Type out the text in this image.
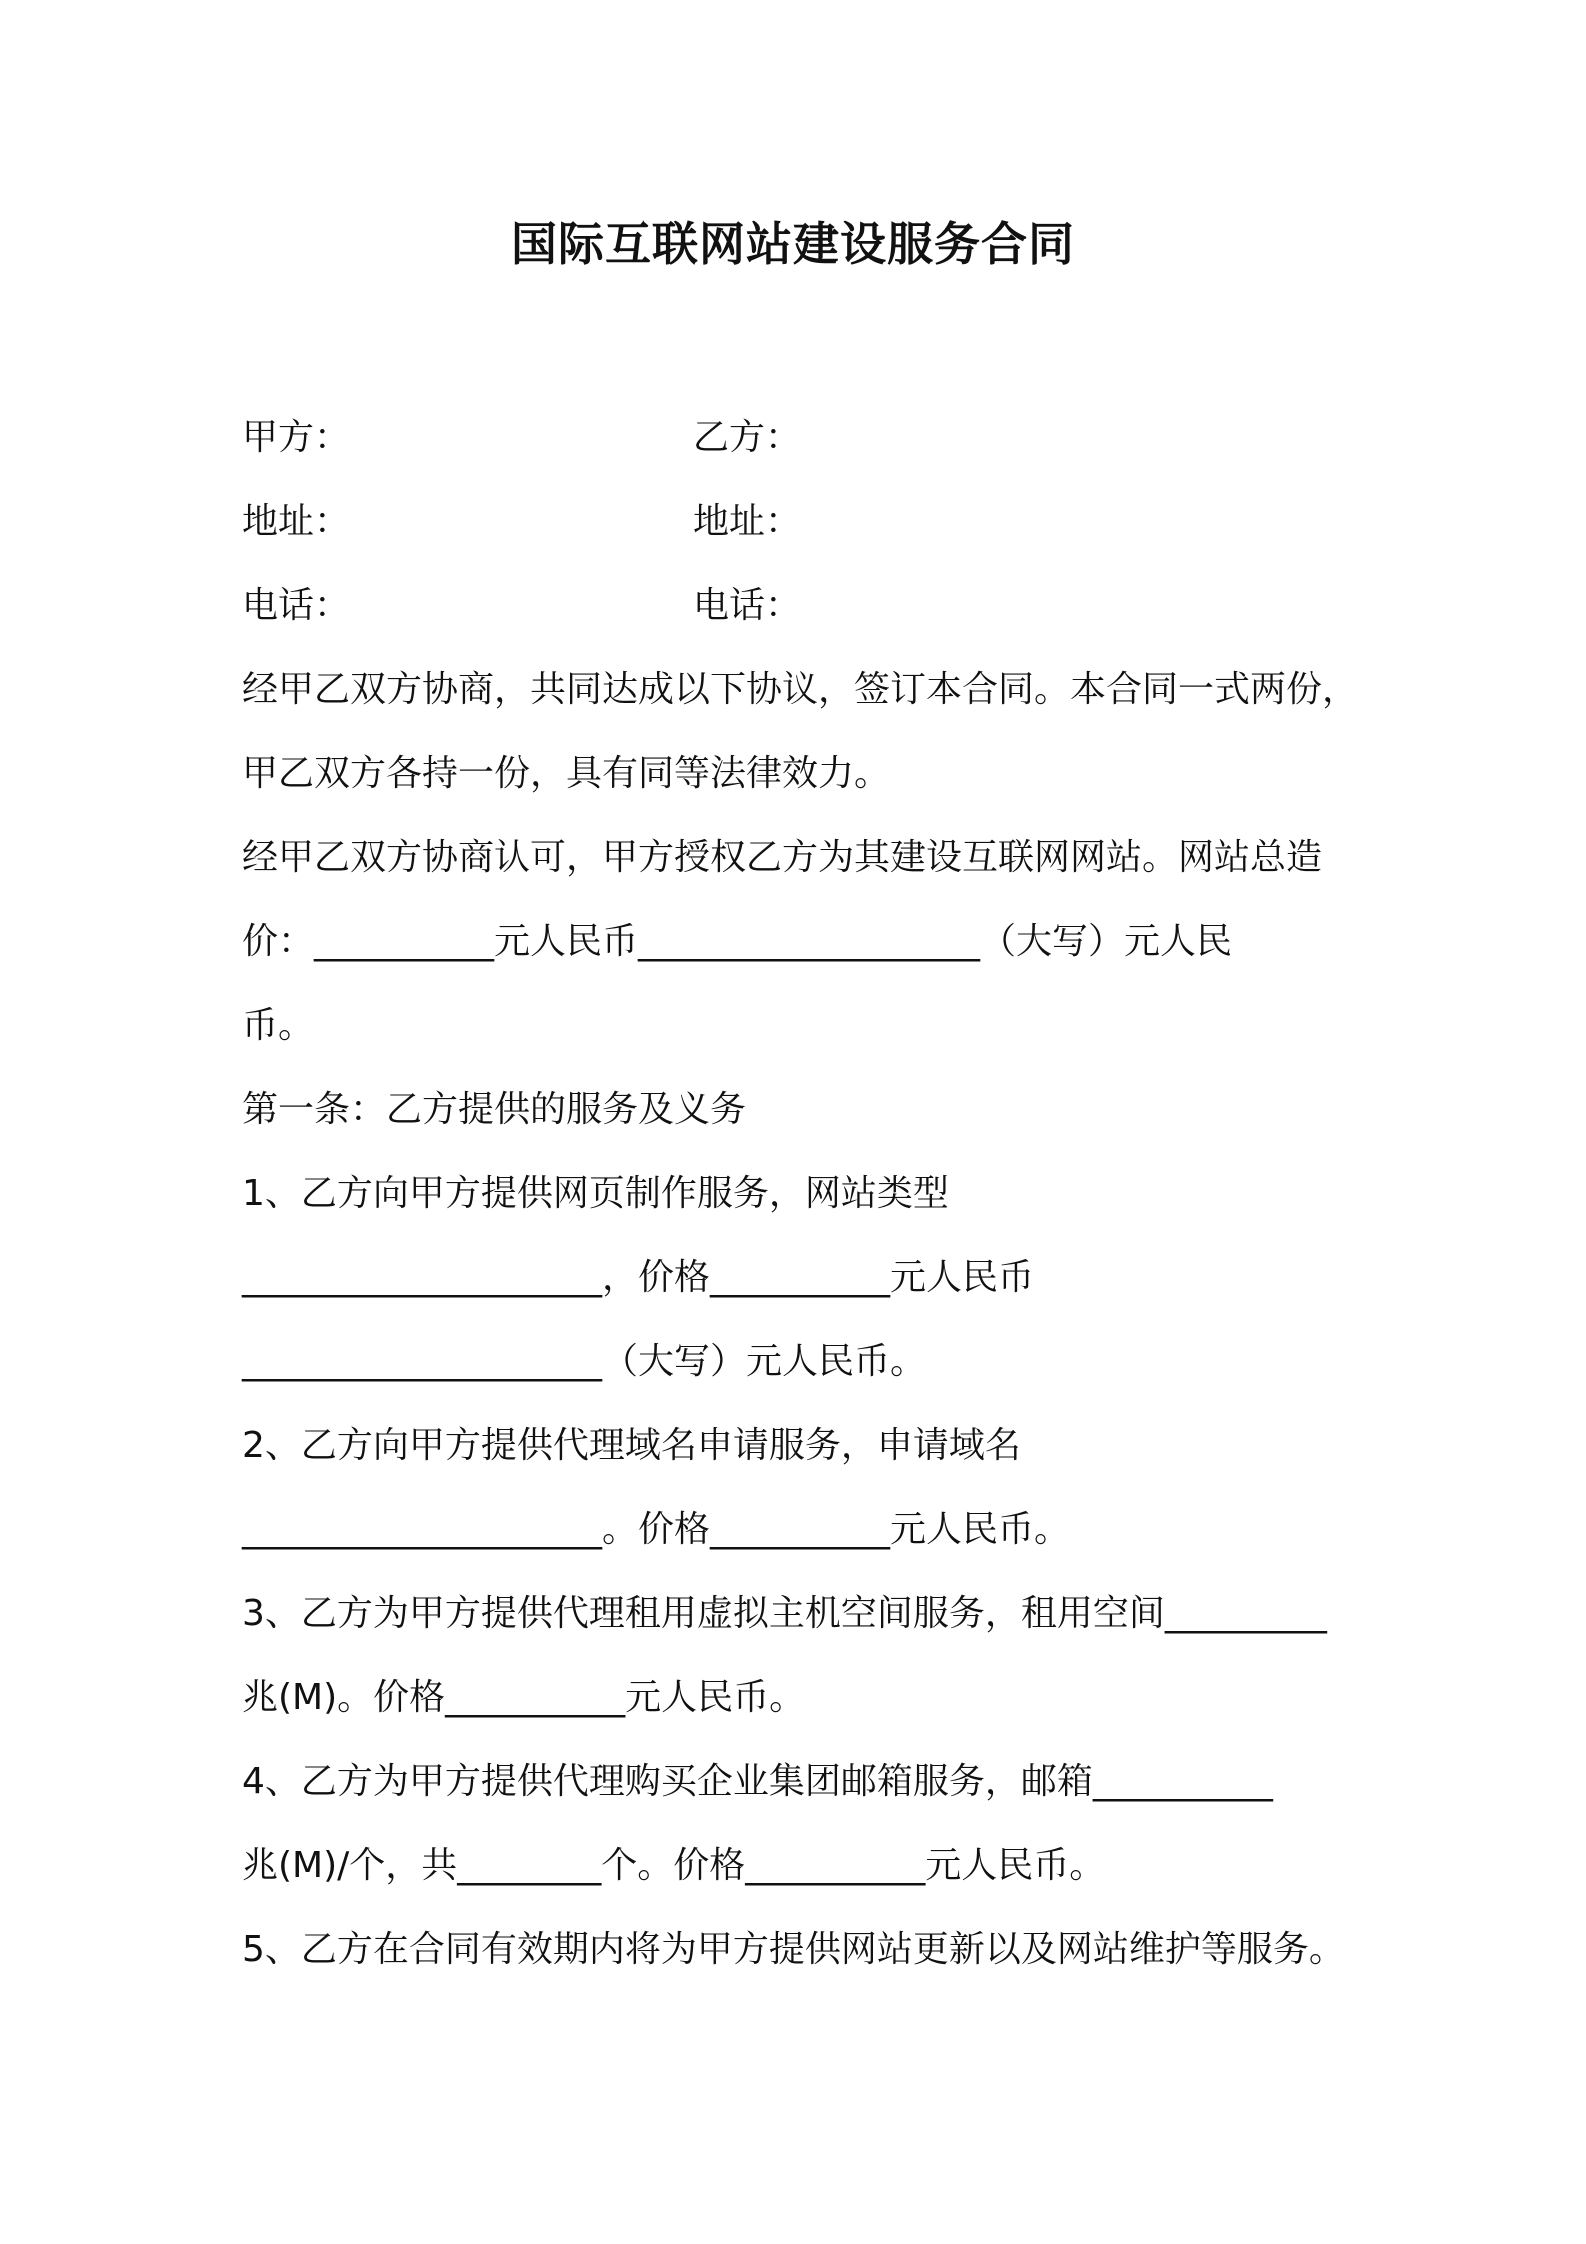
国际互联网站建设服务合同
甲方：	乙方：
地址：	地址：
电话：	电话：
经甲乙双方协商，共同达成以下协议，签订本合同。本合同一式两份，
甲乙双方各持一份，具有同等法律效力。
经甲乙双方协商认可，甲方授权乙方为其建设互联网网站。网站总造
价：__________元人民币___________________（大写）元人民
币。
第一条：乙方提供的服务及义务
1、乙方向甲方提供网页制作服务，网站类型
____________________，价格__________元人民币
____________________（大写）元人民币。
2、乙方向甲方提供代理域名申请服务，申请域名
____________________。价格__________元人民币。
3、乙方为甲方提供代理租用虚拟主机空间服务，租用空间_________
兆(M)。价格__________元人民币。
4、乙方为甲方提供代理购买企业集团邮箱服务，邮箱__________
兆(M)/个，共________个。价格__________元人民币。
5、乙方在合同有效期内将为甲方提供网站更新以及网站维护等服务。
